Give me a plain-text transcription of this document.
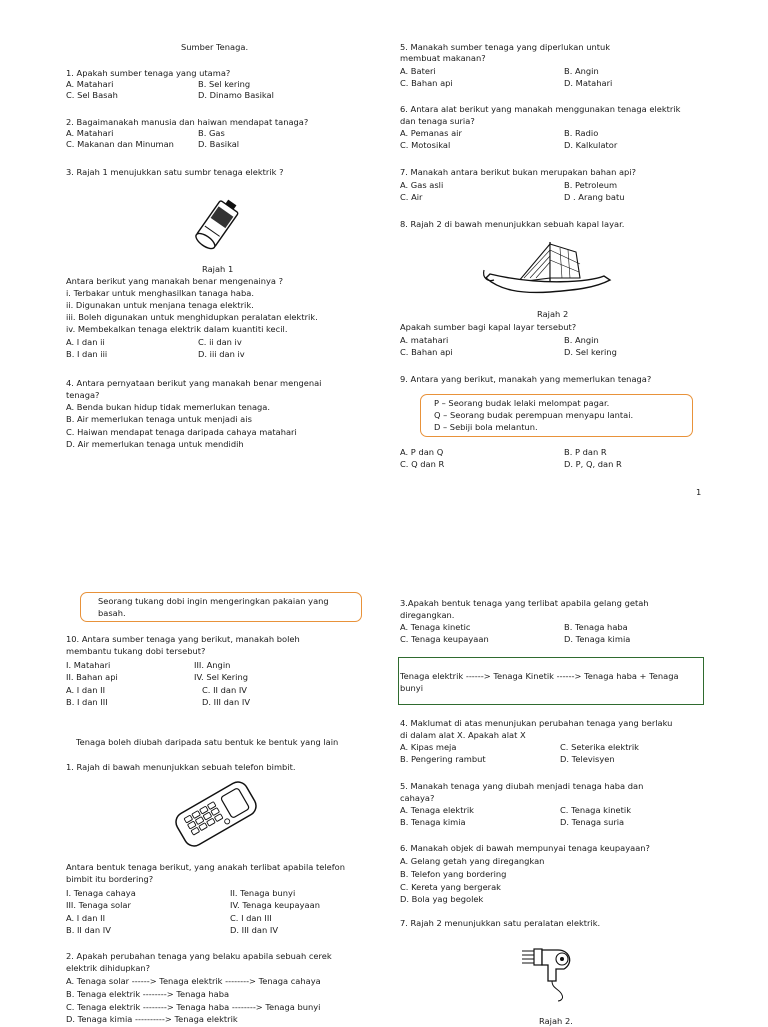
Sumber Tenaga.
1. Apakah sumber tenaga yang utama?
A. Matahari	B. Sel kering
C. Sel Basah	D. Dinamo Basikal
2. Bagaimanakah manusia dan haiwan mendapat tanaga?
A. Matahari	B. Gas
C. Makanan dan Minuman	D. Basikal
3. Rajah 1 menujukkan satu sumbr tenaga elektrik ?
Rajah 1
Antara berikut yang manakah benar mengenainya ?
i. Terbakar untuk menghasilkan tanaga haba.
ii. Digunakan untuk menjana tenaga elektrik.
iii. Boleh digunakan untuk menghidupkan peralatan elektrik.
iv. Membekalkan tenaga elektrik dalam kuantiti kecil.
A. I dan ii	C. ii dan iv
B. I dan iii	D. iii dan iv
4. Antara pernyataan berikut yang manakah benar mengenai
tenaga?
A. Benda bukan hidup tidak memerlukan tenaga.
B. Air memerlukan tenaga untuk menjadi ais
C. Haiwan mendapat tenaga daripada cahaya matahari
D. Air memerlukan tenaga untuk mendidih
5. Manakah sumber tenaga yang diperlukan untuk
membuat makanan?
A. Bateri	B. Angin
C. Bahan api	D. Matahari
6. Antara alat berikut yang manakah menggunakan tenaga elektrik
dan tenaga suria?
A. Pemanas air	B. Radio
C. Motosikal	D. Kalkulator
7. Manakah antara berikut bukan merupakan bahan api?
A. Gas asli	B. Petroleum
C. Air	D . Arang batu
8. Rajah 2 di bawah menunjukkan sebuah kapal layar.
Rajah 2
Apakah sumber bagi kapal layar tersebut?
A. matahari	B. Angin
C. Bahan api	D. Sel kering
9. Antara yang berikut, manakah yang memerlukan tenaga?
P – Seorang budak lelaki melompat pagar.
Q – Seorang budak perempuan menyapu lantai.
D – Sebiji bola melantun.
A. P dan Q	B. P dan R
C. Q dan R	D. P, Q, dan R
1
Seorang tukang dobi ingin mengeringkan pakaian yang
basah.
10. Antara sumber tenaga yang berikut, manakah boleh
membantu tukang dobi tersebut?
I. Matahari	III. Angin
II. Bahan api	IV. Sel Kering
A. I dan II	C. II dan IV
B. I dan III	D. III dan IV
Tenaga boleh diubah daripada satu bentuk ke bentuk yang lain
1. Rajah di bawah menunjukkan sebuah telefon bimbit.
Antara bentuk tenaga berikut, yang anakah terlibat apabila telefon
bimbit itu bordering?
I. Tenaga cahaya	II. Tenaga bunyi
III. Tenaga solar	IV. Tenaga keupayaan
A. I dan II	C. I dan III
B. II dan IV	D. III dan IV
2. Apakah perubahan tenaga yang belaku apabila sebuah cerek
elektrik dihidupkan?
A. Tenaga solar ------> Tenaga elektrik --------> Tenaga cahaya
B. Tenaga elektrik --------> Tenaga haba
C. Tenaga elektrik --------> Tenaga haba --------> Tenaga bunyi
D. Tenaga kimia ----------> Tenaga elektrik
3.Apakah bentuk tenaga yang terlibat apabila gelang getah
diregangkan.
A. Tenaga kinetic	B. Tenaga haba
C. Tenaga keupayaan	D. Tenaga kimia
Tenaga elektrik ------> Tenaga Kinetik ------> Tenaga haba + Tenaga
bunyi
4. Maklumat di atas menunjukan perubahan tenaga yang berlaku
di dalam alat X. Apakah alat X
A. Kipas meja	C. Seterika elektrik
B. Pengering rambut	D. Televisyen
5. Manakah tenaga yang diubah menjadi tenaga haba dan
cahaya?
A. Tenaga elektrik	C. Tenaga kinetik
B. Tenaga kimia	D. Tenaga suria
6. Manakah objek di bawah mempunyai tenaga keupayaan?
A. Gelang getah yang diregangkan
B. Telefon yang bordering
C. Kereta yang bergerak
D. Bola yag begolek
7. Rajah 2 menunjukkan satu peralatan elektrik.
Rajah 2.
